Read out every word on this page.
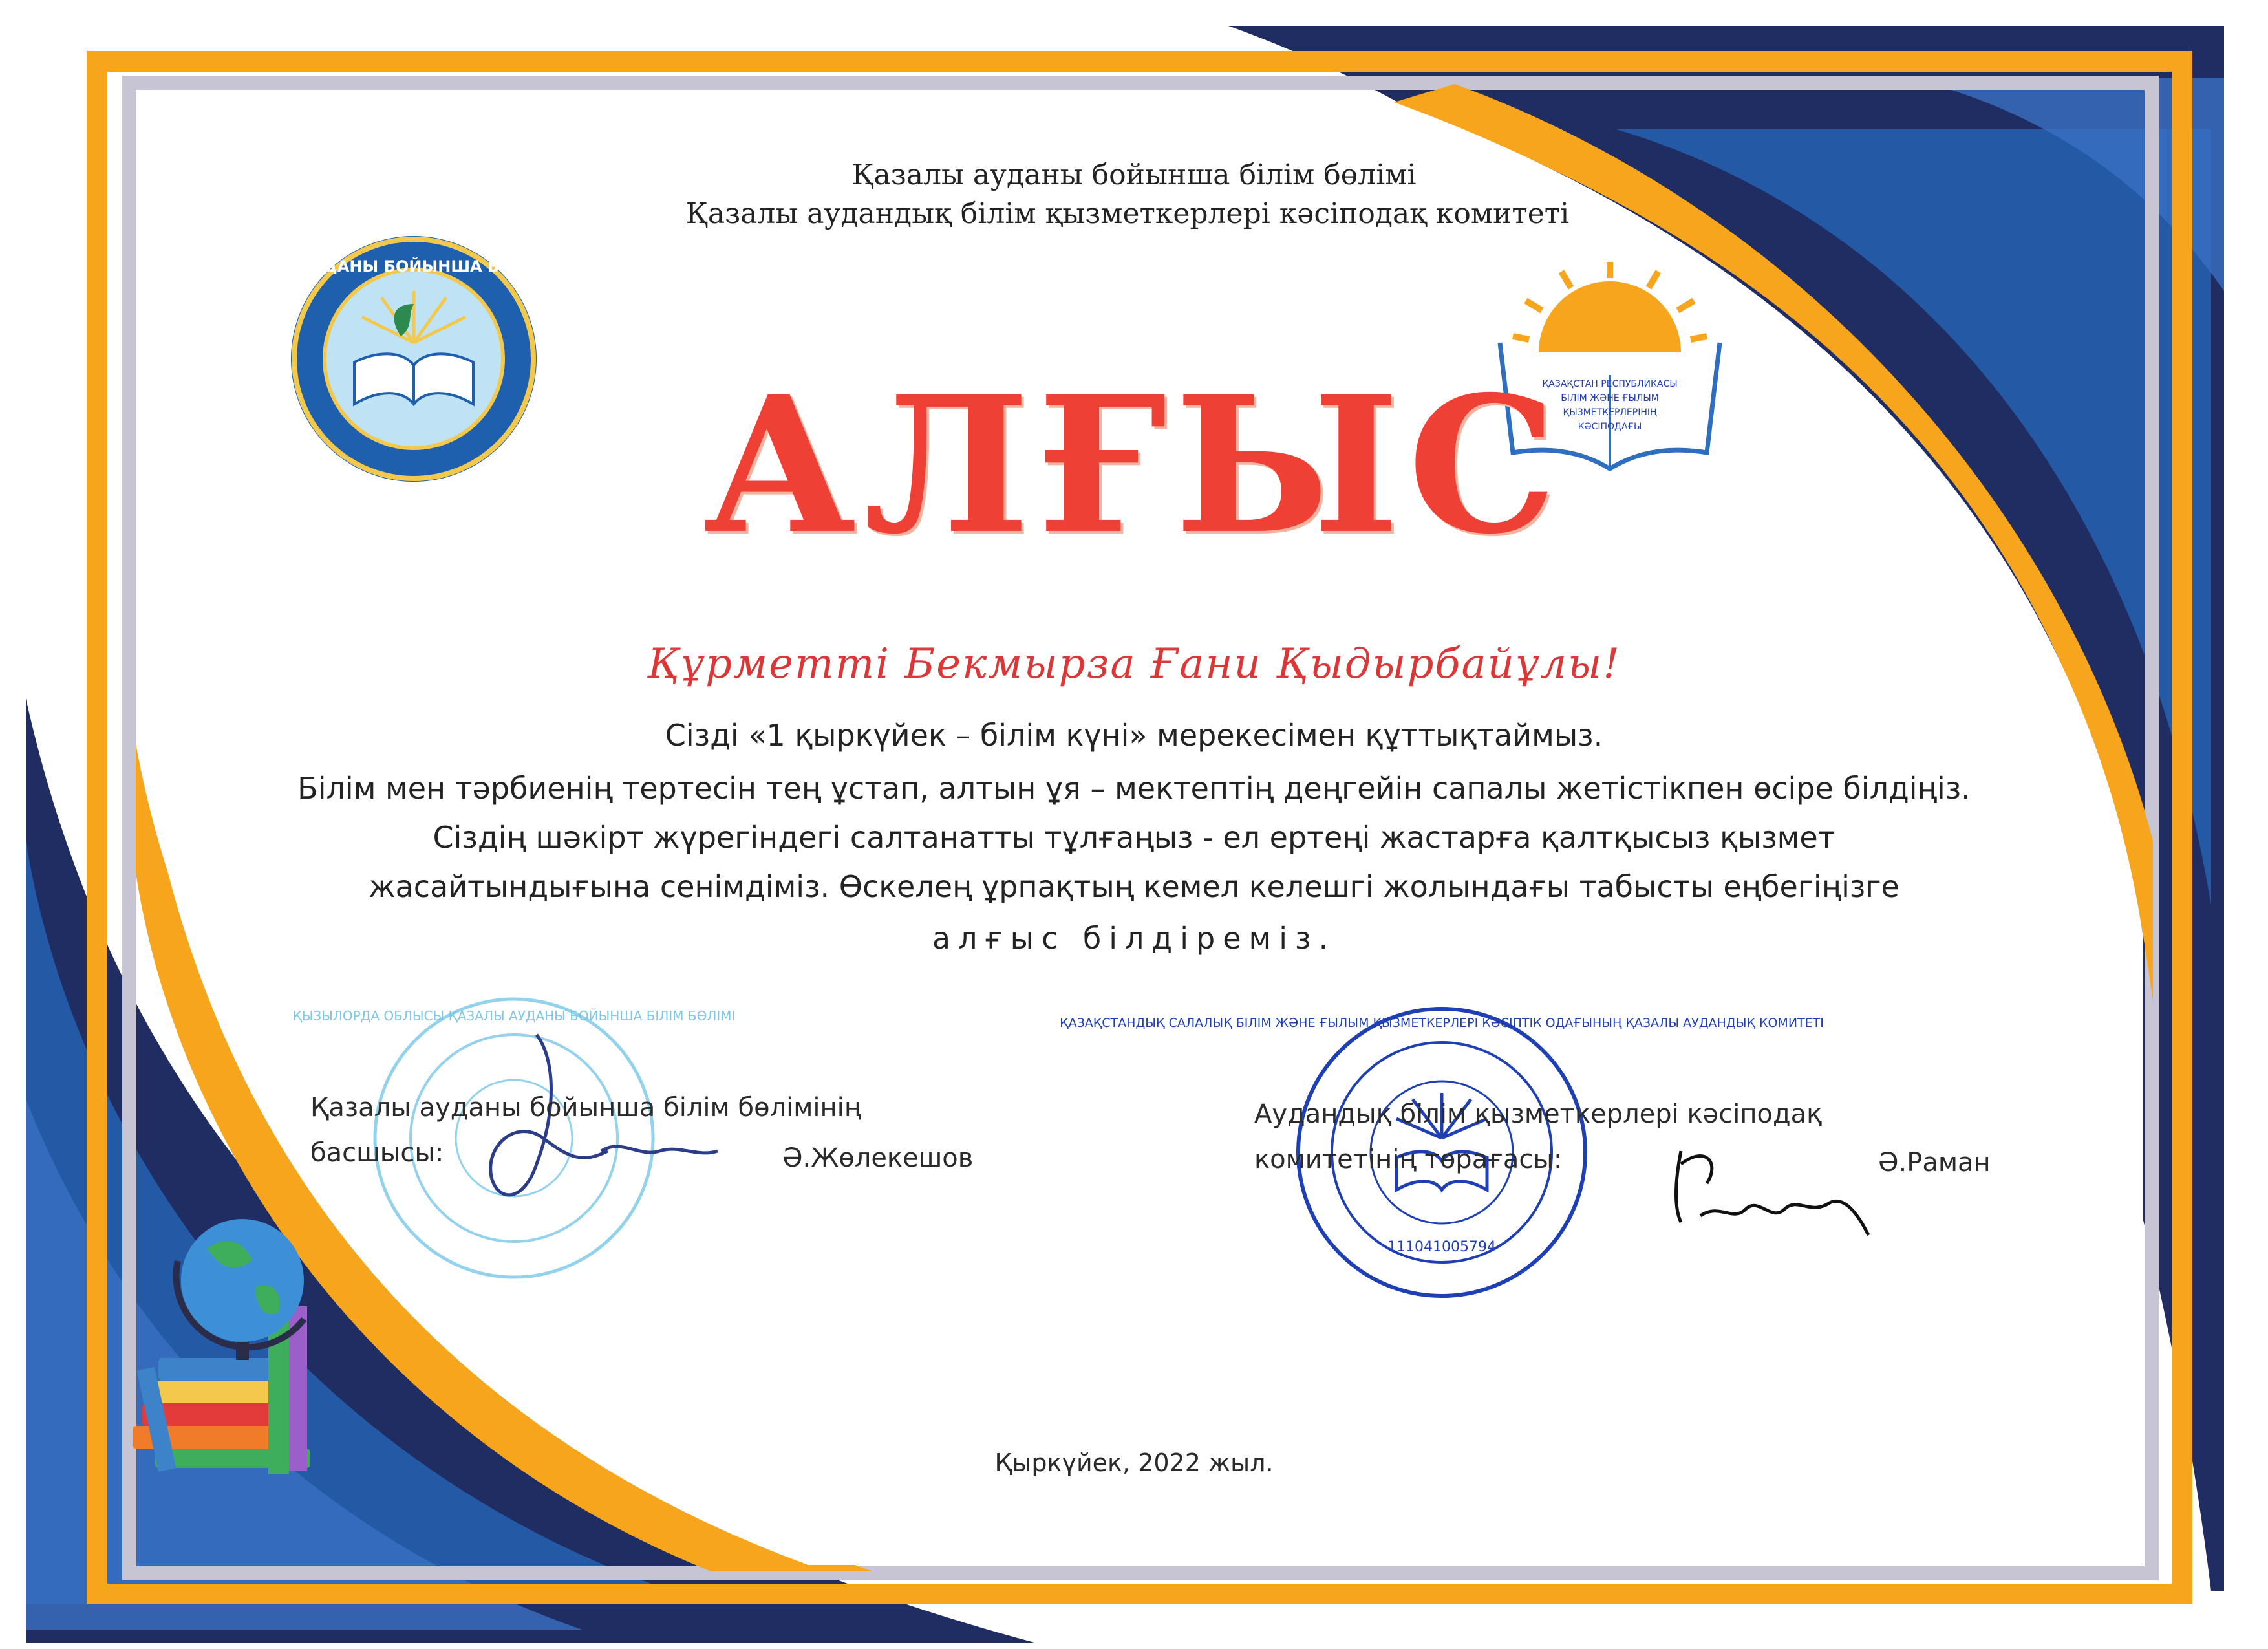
Қазалы ауданы бойынша білім бөлімі
Қазалы аудандық білім қызметкерлері кәсіподақ комитеті
ҚАЗАЛЫ АУДАНЫ БОЙЫНША БІЛІМ БӨЛІМІ
ҚАЗАҚСТАН РЕСПУБЛИКАСЫ
БІЛІМ ЖӘНЕ ҒЫЛЫМ
ҚЫЗМЕТКЕРЛЕРІНІҢ
КӘСІПОДАҒЫ
АЛҒЫС
Құрметті Бекмырза Ғани Қыдырбайұлы!
Сізді «1 қыркүйек – білім күні» мерекесімен құттықтаймыз.
Білім мен тәрбиенің тертесін тең ұстап, алтын ұя – мектептің деңгейін сапалы жетістікпен өсіре білдіңіз.
Сіздің шәкірт жүрегіндегі салтанатты тұлғаңыз - ел ертеңі жастарға қалтқысыз қызмет
жасайтындығына сенімдіміз. Өскелең ұрпақтың кемел келешгі жолындағы табысты еңбегіңізге
алғыс білдіреміз.
ҚЫЗЫЛОРДА ОБЛЫСЫ ҚАЗАЛЫ АУДАНЫ БОЙЫНША БІЛІМ БӨЛІМІ	ҚАЗАҚСТАНДЫҚ САЛАЛЫҚ БІЛІМ ЖӘНЕ ҒЫЛЫМ ҚЫЗМЕТКЕРЛЕРІ КӘСІПТІК ОДАҒЫНЫҢ ҚАЗАЛЫ АУДАНДЫҚ КОМИТЕТІ
111041005794
Қазалы ауданы бойынша білім бөлімінің
басшысы:	Ә.Жөлекешов
Аудандық білім қызметкерлері кәсіподақ
комитетінің төрағасы:	Ә.Раман
Қыркүйек, 2022 жыл.
